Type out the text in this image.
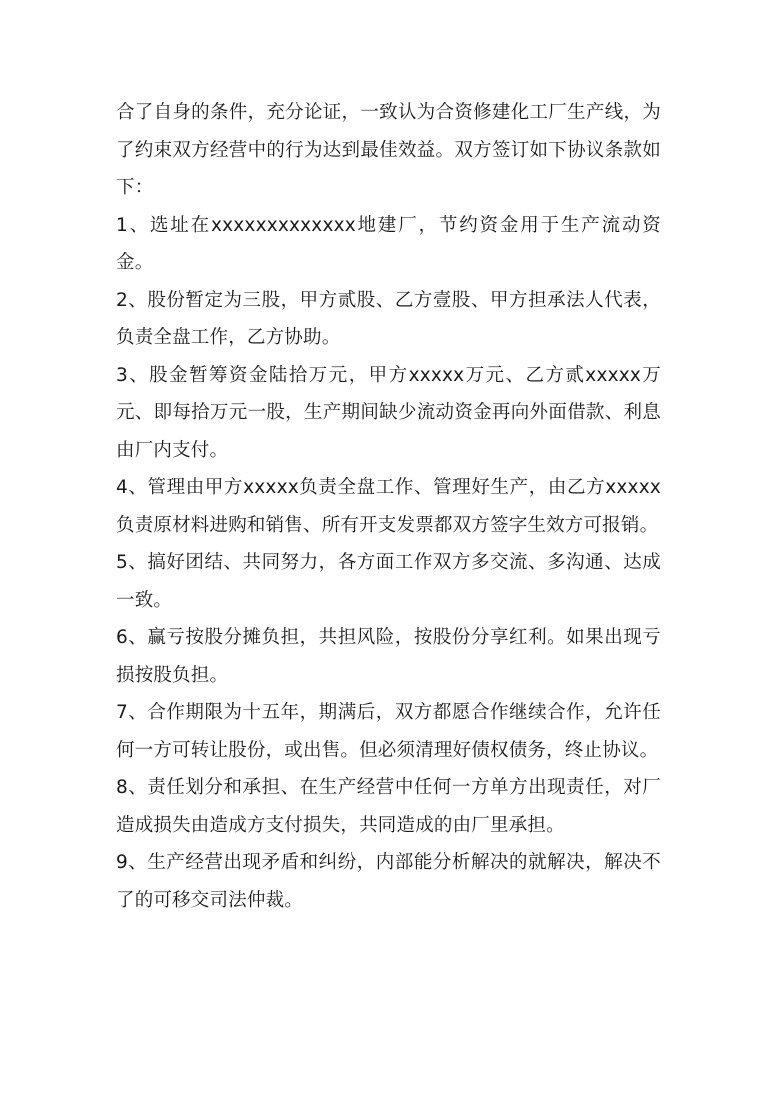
合了自身的条件，充分论证，一致认为合资修建化工厂生产线，为了约束双方经营中的行为达到最佳效益。双方签订如下协议条款如下：

1、选址在xxxxxxxxxxxxx地建厂，节约资金用于生产流动资金。

2、股份暂定为三股，甲方贰股、乙方壹股、甲方担承法人代表，负责全盘工作，乙方协助。

3、股金暂筹资金陆拾万元，甲方xxxxx万元、乙方贰xxxxx万元、即每拾万元一股，生产期间缺少流动资金再向外面借款、利息由厂内支付。

4、管理由甲方xxxxx负责全盘工作、管理好生产，由乙方xxxxx负责原材料进购和销售、所有开支发票都双方签字生效方可报销。

5、搞好团结、共同努力，各方面工作双方多交流、多沟通、达成一致。

6、赢亏按股分摊负担，共担风险，按股份分享红利。如果出现亏损按股负担。

7、合作期限为十五年，期满后，双方都愿合作继续合作，允许任何一方可转让股份，或出售。但必须清理好债权债务，终止协议。

8、责任划分和承担、在生产经营中任何一方单方出现责任，对厂造成损失由造成方支付损失，共同造成的由厂里承担。

9、生产经营出现矛盾和纠纷，内部能分析解决的就解决，解决不了的可移交司法仲裁。
